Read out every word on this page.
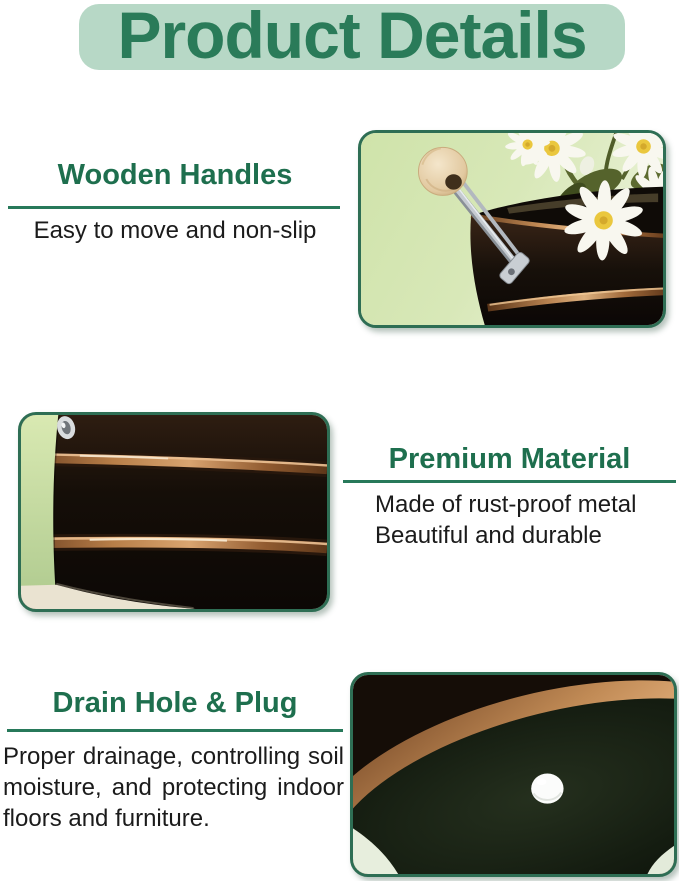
Product Details
Wooden Handles

Easy to move and non-slip

Premium Material
Made of rust-proof metal
Beautiful and durable
Drain Hole & Plug

Proper drainage, controlling soil moisture, and protecting indoor floors and furniture.
